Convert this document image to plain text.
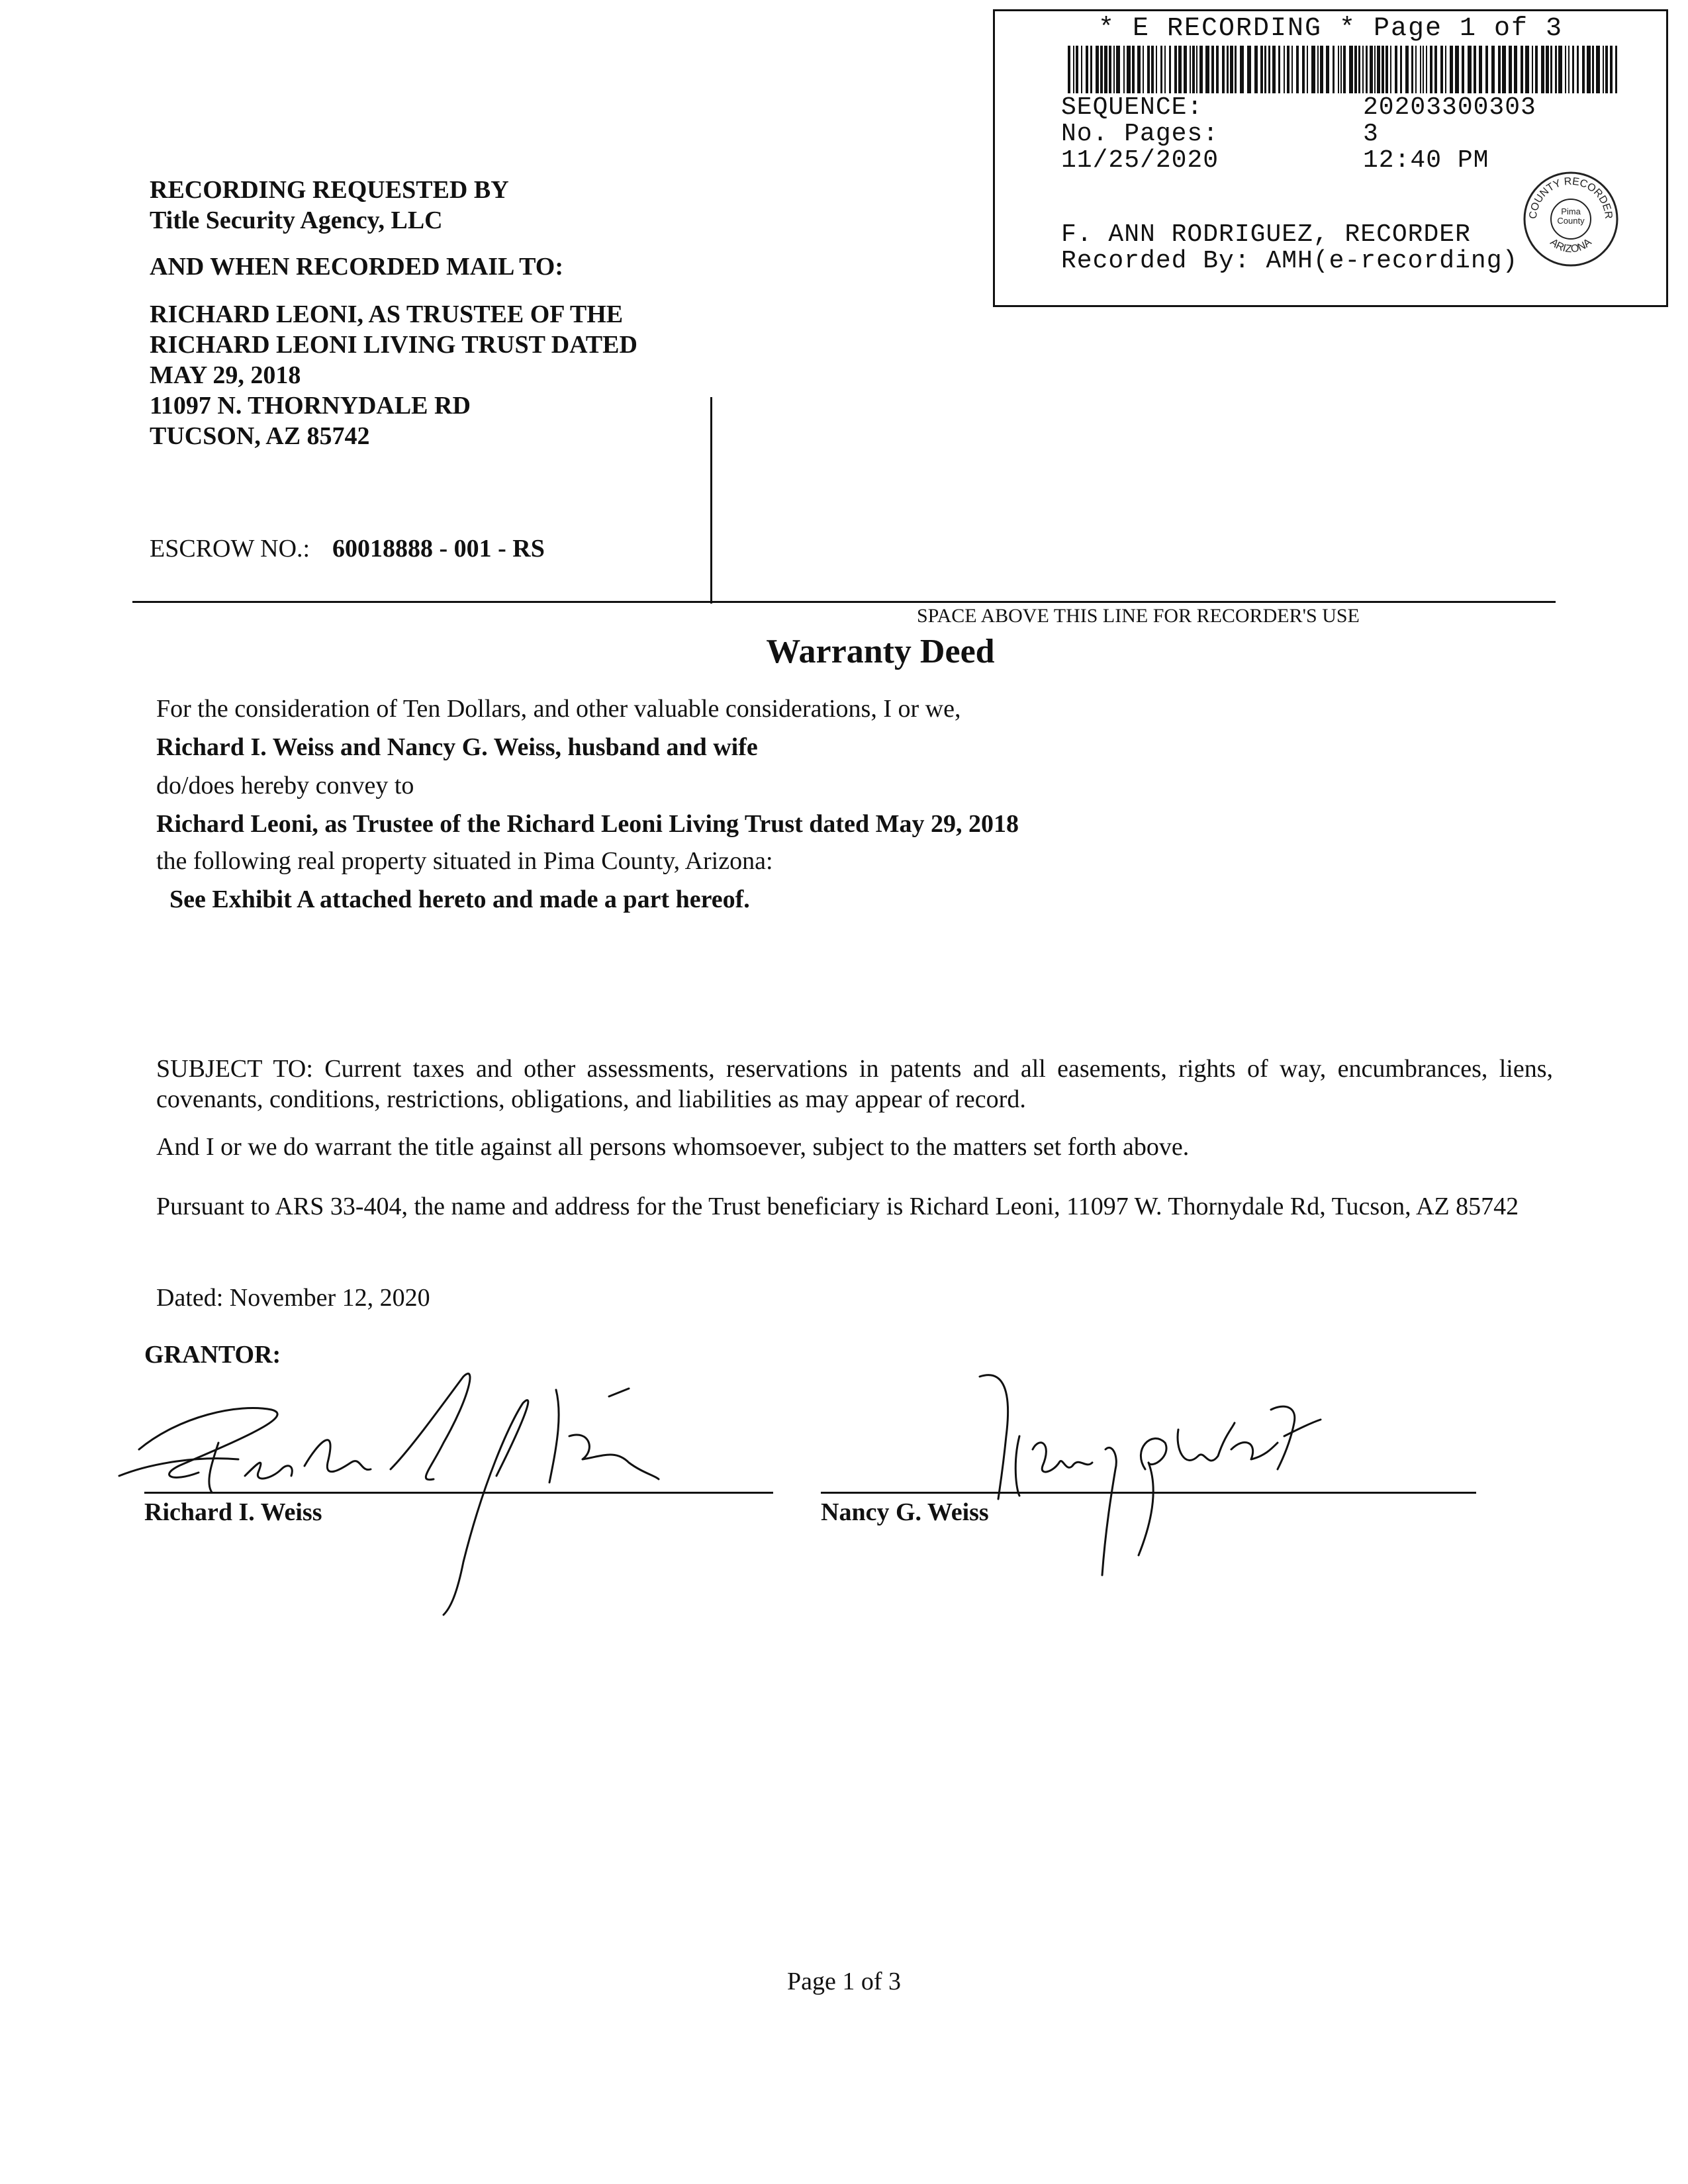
* E RECORDING * Page 1 of 3
SEQUENCE:	20203300303
No. Pages:	3
11/25/2020	12:40 PM
F. ANN RODRIGUEZ, RECORDER
Recorded By: AMH(e-recording)
COUNTY RECORDER
ARIZONA
Pima County
RECORDING REQUESTED BY
Title Security Agency, LLC
AND WHEN RECORDED MAIL TO:
RICHARD LEONI, AS TRUSTEE OF THE
RICHARD LEONI LIVING TRUST DATED
MAY 29, 2018
11097 N. THORNYDALE RD
TUCSON, AZ 85742
ESCROW NO.: 60018888 - 001 - RS
SPACE ABOVE THIS LINE FOR RECORDER'S USE
Warranty Deed
For the consideration of Ten Dollars, and other valuable considerations, I or we,
Richard I. Weiss and Nancy G. Weiss, husband and wife
do/does hereby convey to
Richard Leoni, as Trustee of the Richard Leoni Living Trust dated May 29, 2018
the following real property situated in Pima County, Arizona:
See Exhibit A attached hereto and made a part hereof.
SUBJECT TO: Current taxes and other assessments, reservations in patents and all easements, rights of way, encumbrances, liens, covenants, conditions, restrictions, obligations, and liabilities as may appear of record.
And I or we do warrant the title against all persons whomsoever, subject to the matters set forth above.
Pursuant to ARS 33-404, the name and address for the Trust beneficiary is Richard Leoni, 11097 W. Thornydale Rd, Tucson, AZ 85742
Dated: November 12, 2020
GRANTOR:
Richard I. Weiss	Nancy G. Weiss
Page 1 of 3
